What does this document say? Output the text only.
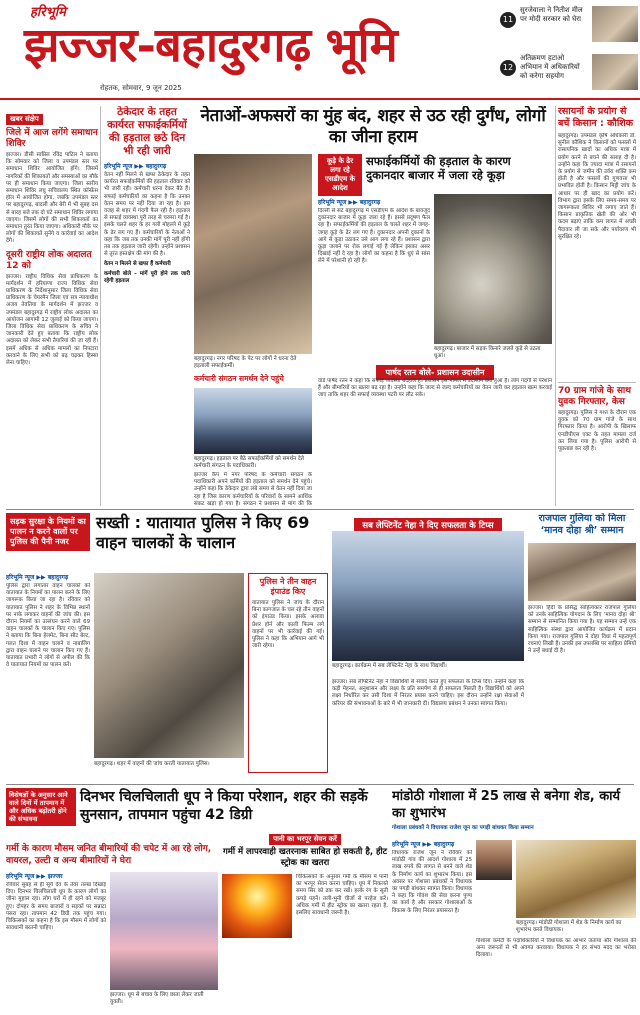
हरिभूमि
झज्जर-बहादुरगढ़ भूमि
रोहतक, सोमवार, 9 जून 2025
11
सुरजेवाला ने नितीश मील पर मोदी सरकार को घेरा
12
अतिक्रमण हटाओ अभियान में अधिकारियों को करेगा सहयोग
खबर संक्षेप
जिले में आज लगेंगे समाधान शिविर
झज्जर। डीसी स्वप्निल रविंद्र पाटिल ने बताया कि सोमवार को जिला व उपमंडल स्तर पर समाधान शिविर आयोजित होंगे। जिसमें नागरिकों की शिकायतों और समस्याओं का मौके पर ही समाधान किया जाएगा। जिला स्तरीय समाधान शिविर लघु सचिवालय स्थित कॉन्फ्रेंस हॉल में आयोजित होगा, जबकि उपमंडल स्तर पर बहादुरगढ़, बादली और बेरी में भी सुबह दस से बारह बजे तक दो घंटे समाधान शिविर लगाया जाएगा। जिसमें लोगों की सभी शिकायतों का समाधान तुरंत किया जाएगा। अधिकारी मौके पर लोगों की शिकायतें सुनेंगे व कार्रवाई का आदेश देंगे।
दूसरी राष्ट्रीय लोक अदालत 12 को
झज्जर। राष्ट्रीय विधिक सेवा प्राधिकरण के मार्गदर्शन में हरियाणा राज्य विधिक सेवा प्राधिकरण के निर्देशानुसार जिला विधिक सेवा प्राधिकरण के चेयरमैन जिला एवं सत्र न्यायाधीश अजय तेवतिया के मार्गदर्शन में झज्जर व उपमंडल बहादुरगढ़ में राष्ट्रीय लोक अदालत का आयोजन आगामी 12 जुलाई को किया जाएगा। जिला विधिक सेवा प्राधिकरण के सचिव ने जानकारी देते हुए बताया कि राष्ट्रीय लोक अदालत को लेकर सभी तैयारियां की जा रही हैं। इसमें अधिक से अधिक मामलों का निपटारा करवाने के लिए सभी को बढ़ चढ़कर हिस्सा लेना चाहिए।
ठेकेदार के तहत कार्यरत सफाईकर्मियों की हड़ताल छठे दिन भी रही जारी
हरिभूमि न्यूज ▶▶ बहादुरगढ़
वेतन नहीं मिलने से खफा ठेकेदार के तहत कार्यरत सफाईकर्मियों की हड़ताल रविवार को भी जारी रही। कर्मचारी धरना देकर बैठे हैं। सफाई कर्मचारियों का कहना है कि उनका वेतन समय पर नहीं दिया जा रहा है। इस वजह से शहर में गंदगी फैल रही है। हड़ताल से सफाई व्यवस्था पूरी तरह से चरमरा गई है। इसके चलते शहर के हर गली मोहल्ले में कूड़े के ढेर लग गए हैं। कर्मचारियों के नेताओं ने कहा कि जब तक उनकी मांगें पूरी नहीं होंगी तब तक हड़ताल जारी रहेगी। उन्होंने प्रशासन से तुरंत हस्तक्षेप की मांग की है।
वेतन न मिलने से खफा हैं कर्मचारी
कर्मचारी बोले – मांगें पूरी होने तक जारी रहेगी हड़ताल
नेताओं-अफसरों का मुंह बंद, शहर से उठ रही दुर्गंध, लोगों का जीना हराम
बहादुरगढ़। नगर परिषद के पेट पर लोगों ने धरना देते हड़ताली सफाईकर्मी।
कर्मचारी संगठन समर्थन देने पहुंचे
बहादुरगढ़। हड़ताल पर बैठे सफाईकर्मियों को समर्थन देते कर्मचारी संगठन के पदाधिकारी।
झज्जर कैंप में नगर परिषद के कर्मचारी संगठन के पदाधिकारी अपने कर्मियों की हड़ताल को समर्थन देने पहुंचे। उन्होंने कहा कि ठेकेदार द्वारा लंबे समय से वेतन नहीं दिया जा रहा है जिस कारण कर्मचारियों के परिवारों के सामने आर्थिक संकट खड़ा हो गया है। संगठन ने प्रशासन से मांग की कि
कूड़े के ढेर लगा रहे एसडीएम के आदेश
सफाईकर्मियों की हड़ताल के कारण दुकानदार बाजार में जला रहे कूड़ा
हरिभूमि न्यूज ▶▶ बहादुरगढ़
दिल्ली से सटे बहादुरगढ़ में एसडीएम के आदेश के बावजूद दुकानदार बाजार में कूड़ा जला रहे हैं। इससे प्रदूषण फैल रहा है। सफाईकर्मियों की हड़ताल के चलते शहर में जगह-जगह कूड़े के ढेर लग गए हैं। दुकानदार अपनी दुकानों के आगे से कूड़ा उठाकर उसे आग लगा रहे हैं। प्रशासन द्वारा कूड़ा जलाने पर रोक लगाई गई है लेकिन इसका असर दिखाई नहीं दे रहा है। लोगों का कहना है कि धुएं से सांस लेने में परेशानी हो रही है।
बहादुरगढ़। बाजार में सड़क किनारे जलते कूड़े से उठता धुआं।
पार्षद रतन बोले- प्रशासन उदासीन
वार्ड पार्षद रतन ने कहा कि सफाई व्यवस्था बदहाल है। प्रशासन इस मामले में उदासीन बना हुआ है। लोग गंदगी से परेशान हैं और बीमारियों का खतरा बढ़ रहा है। उन्होंने कहा कि जल्द से जल्द कर्मचारियों का वेतन जारी कर हड़ताल खत्म करवाई जाए ताकि शहर की सफाई व्यवस्था पटरी पर लौट सके।
रसायनों के प्रयोग से बचें किसान : कौशिक
बहादुरगढ़। उपमंडल कृषि अधिकारी डॉ. सुनील कौशिक ने किसानों को फसलों में रासायनिक खादों का अधिक मात्रा में प्रयोग करने से बचने की सलाह दी है। उन्होंने कहा कि ज्यादा मात्रा में रसायनों के प्रयोग से जमीन की उर्वरा शक्ति कम होती है और फसलों की गुणवत्ता भी प्रभावित होती है। किसान मिट्टी जांच के आधार पर ही खाद का प्रयोग करें। विभाग द्वारा इसके लिए समय-समय पर जागरूकता शिविर भी लगाए जाते हैं। किसान प्राकृतिक खेती की ओर भी कदम बढ़ाएं ताकि कम लागत में अच्छी पैदावार ली जा सके और पर्यावरण भी सुरक्षित रहे।
70 ग्राम गांजे के साथ युवक गिरफ्तार, केस
बहादुरगढ़। पुलिस ने गश्त के दौरान एक युवक को 70 ग्राम गांजे के साथ गिरफ्तार किया है। आरोपी के खिलाफ एनडीपीएस एक्ट के तहत मामला दर्ज कर लिया गया है। पुलिस आरोपी से पूछताछ कर रही है।
सड़क सुरक्षा के नियमों का पालन न करने वालों पर पुलिस की पैनी नजर
सख्ती : यातायात पुलिस ने किए 69 वाहन चालकों के चालान
हरिभूमि न्यूज ▶▶ बहादुरगढ़
पुलिस द्वारा लगातार वाहन चालकों को यातायात के नियमों का पालन करने के लिए जागरूक किया जा रहा है। रविवार को यातायात पुलिस ने शहर के विभिन्न स्थानों पर नाके लगाकर वाहनों की जांच की। इस दौरान नियमों का उल्लंघन करने वाले 69 वाहन चालकों के चालान किए गए। पुलिस ने बताया कि बिना हेलमेट, बिना सीट बेल्ट, गलत दिशा में वाहन चलाने व नाबालिग द्वारा वाहन चलाने पर चालान किए गए हैं। यातायात प्रभारी ने लोगों से अपील की कि वे यातायात नियमों का पालन करें।
बहादुरगढ़। शहर में वाहनों की जांच करती यातायात पुलिस।
पुलिस ने तीन वाहन इंपाउंड किए
यातायात पुलिस ने जांच के दौरान बिना कागजात के चल रहे तीन वाहनों को इंपाउंड किया। इसके अलावा प्रेशर हॉर्न और काली फिल्म लगे वाहनों पर भी कार्रवाई की गई। पुलिस ने कहा कि अभियान आगे भी जारी रहेगा।
सब लेफ्टिनेंट नेहा ने दिए सफलता के टिप्स
बहादुरगढ़। कार्यक्रम में सब लेफ्टिनेंट नेहा के साथ विद्यार्थी।
झज्जर। सब लेफ्टिनेंट नेहा ने विद्यार्थियों से संवाद करते हुए सफलता के टिप्स दिए। उन्होंने कहा कि कड़ी मेहनत, अनुशासन और लक्ष्य के प्रति समर्पण से ही सफलता मिलती है। विद्यार्थियों को अपने लक्ष्य निर्धारित कर उसी दिशा में निरंतर प्रयास करने चाहिए। इस दौरान उन्होंने रक्षा सेवाओं में करियर की संभावनाओं के बारे में भी जानकारी दी। विद्यालय प्रबंधन ने उनका स्वागत किया।
राजपाल गुलिया को मिला ‘मानव दोहा श्री’ सम्मान
झज्जर। हिंदी के प्रसिद्ध साहित्यकार राजपाल गुलिया को उनके साहित्यिक योगदान के लिए ‘मानव दोहा श्री’ सम्मान से सम्मानित किया गया है। यह सम्मान उन्हें एक साहित्यिक संस्था द्वारा आयोजित कार्यक्रम में प्रदान किया गया। राजपाल गुलिया ने दोहा विधा में महत्वपूर्ण रचनाएं लिखी हैं। उनकी इस उपलब्धि पर साहित्य प्रेमियों ने उन्हें बधाई दी है।
विशेषज्ञों के अनुसार आने वाले दिनों में तापमान में और अधिक बढ़ोतरी होने की संभावना
दिनभर चिलचिलाती धूप ने किया परेशान, शहर की सड़कें सुनसान, तापमान पहुंचा 42 डिग्री
गर्मी के कारण मौसम जनित बीमारियों की चपेट में आ रहे लोग, वायरल, उल्टी व अन्य बीमारियों ने घेरा
हरिभूमि न्यूज ▶▶ झज्जर
रविवार सुबह से ही सूर्य देव के तेवर तल्ख दिखाई दिए। दिनभर चिलचिलाती धूप के कारण लोगों का जीना मुहाल रहा। लोग घरों में ही रहने को मजबूर हुए। दोपहर के समय बाजारों व सड़कों पर सन्नाटा पसरा रहा। तापमान 42 डिग्री तक पहुंच गया। चिकित्सकों का कहना है कि इस मौसम में लोगों को सावधानी बरतनी चाहिए।
झज्जर। धूप से बचाव के लिए छाता लेकर जाती युवती।
पानी का भरपूर सेवन करें
गर्मी में लापरवाही खतरनाक साबित हो सकती है, हीट स्ट्रोक का खतरा
चिकित्सकों के अनुसार गर्मी के मौसम में पानी का भरपूर सेवन करना चाहिए। धूप में निकलते समय सिर को ढक कर रखें। हल्के रंग के सूती कपड़े पहनें। तली-भुनी चीजों से परहेज करें। अधिक गर्मी में हीट स्ट्रोक का खतरा रहता है, इसलिए सावधानी जरूरी है।
मांडोठी गोशाला में 25 लाख से बनेगा शेड, कार्य का शुभारंभ
गोशाला प्रबंधकों ने विधायक राजेश जून का पगड़ी बांधकर किया सम्मान
हरिभूमि न्यूज ▶▶ बहादुरगढ़
विधायक राजेश जून ने रविवार को मांडोठी गांव की आदर्श गोशाला में 25 लाख रुपये की लागत से बनने वाले शेड के निर्माण कार्य का शुभारंभ किया। इस अवसर पर गोशाला प्रबंधकों ने विधायक का पगड़ी बांधकर स्वागत किया। विधायक ने कहा कि गोवंश की सेवा करना पुण्य का कार्य है और सरकार गोशालाओं के विकास के लिए निरंतर प्रयासरत है।
बहादुरगढ़। मांडोठी गोशाला में शेड के निर्माण कार्य का शुभारंभ करते विधायक।
गोशाला कमेटी के पदाधिकारियों ने विधायक का आभार जताया और गोशाला की अन्य जरूरतों से भी अवगत करवाया। विधायक ने हर संभव मदद का भरोसा दिलाया।
